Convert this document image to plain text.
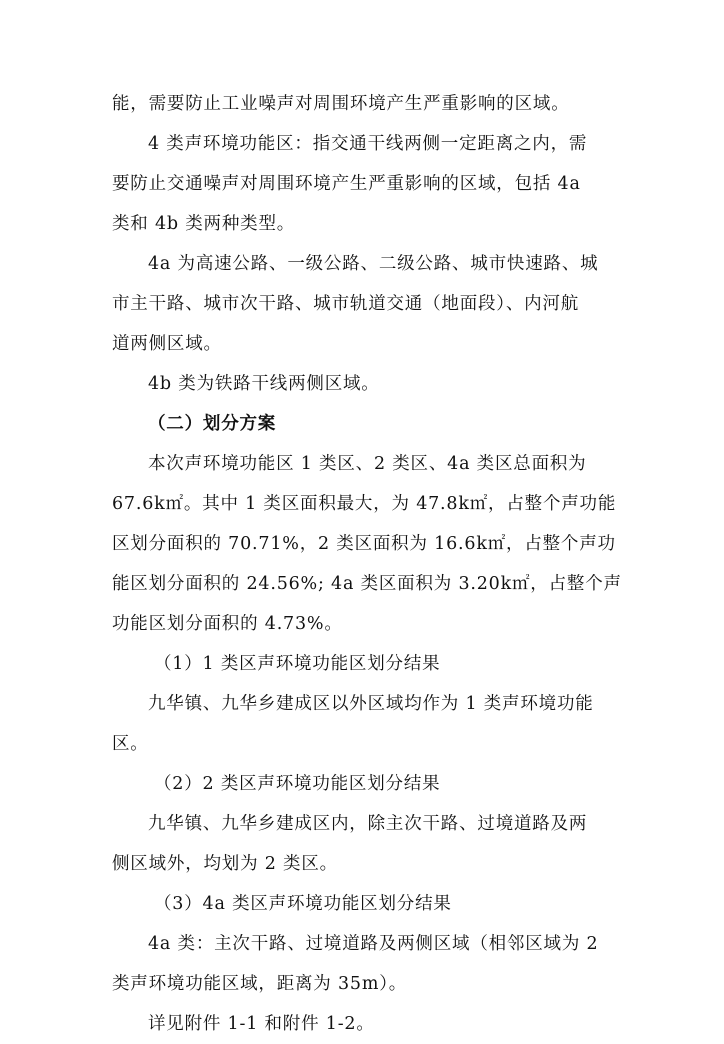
能，需要防止工业噪声对周围环境产生严重影响的区域。
4 类声环境功能区：指交通干线两侧一定距离之内，需
要防止交通噪声对周围环境产生严重影响的区域，包括 4a
类和 4b 类两种类型。
4a 为高速公路、一级公路、二级公路、城市快速路、城
市主干路、城市次干路、城市轨道交通（地面段）、内河航
道两侧区域。
4b 类为铁路干线两侧区域。
（二）划分方案
本次声环境功能区 1 类区、2 类区、4a 类区总面积为
67.6k㎡。其中 1 类区面积最大，为 47.8k㎡，占整个声功能
区划分面积的 70.71%，2 类区面积为 16.6k㎡，占整个声功
能区划分面积的 24.56%; 4a 类区面积为 3.20k㎡，占整个声
功能区划分面积的 4.73%。
（1）1 类区声环境功能区划分结果
九华镇、九华乡建成区以外区域均作为 1 类声环境功能
区。
（2）2 类区声环境功能区划分结果
九华镇、九华乡建成区内，除主次干路、过境道路及两
侧区域外，均划为 2 类区。
（3）4a 类区声环境功能区划分结果
4a 类：主次干路、过境道路及两侧区域（相邻区域为 2
类声环境功能区域，距离为 35m）。
详见附件 1-1 和附件 1-2。
